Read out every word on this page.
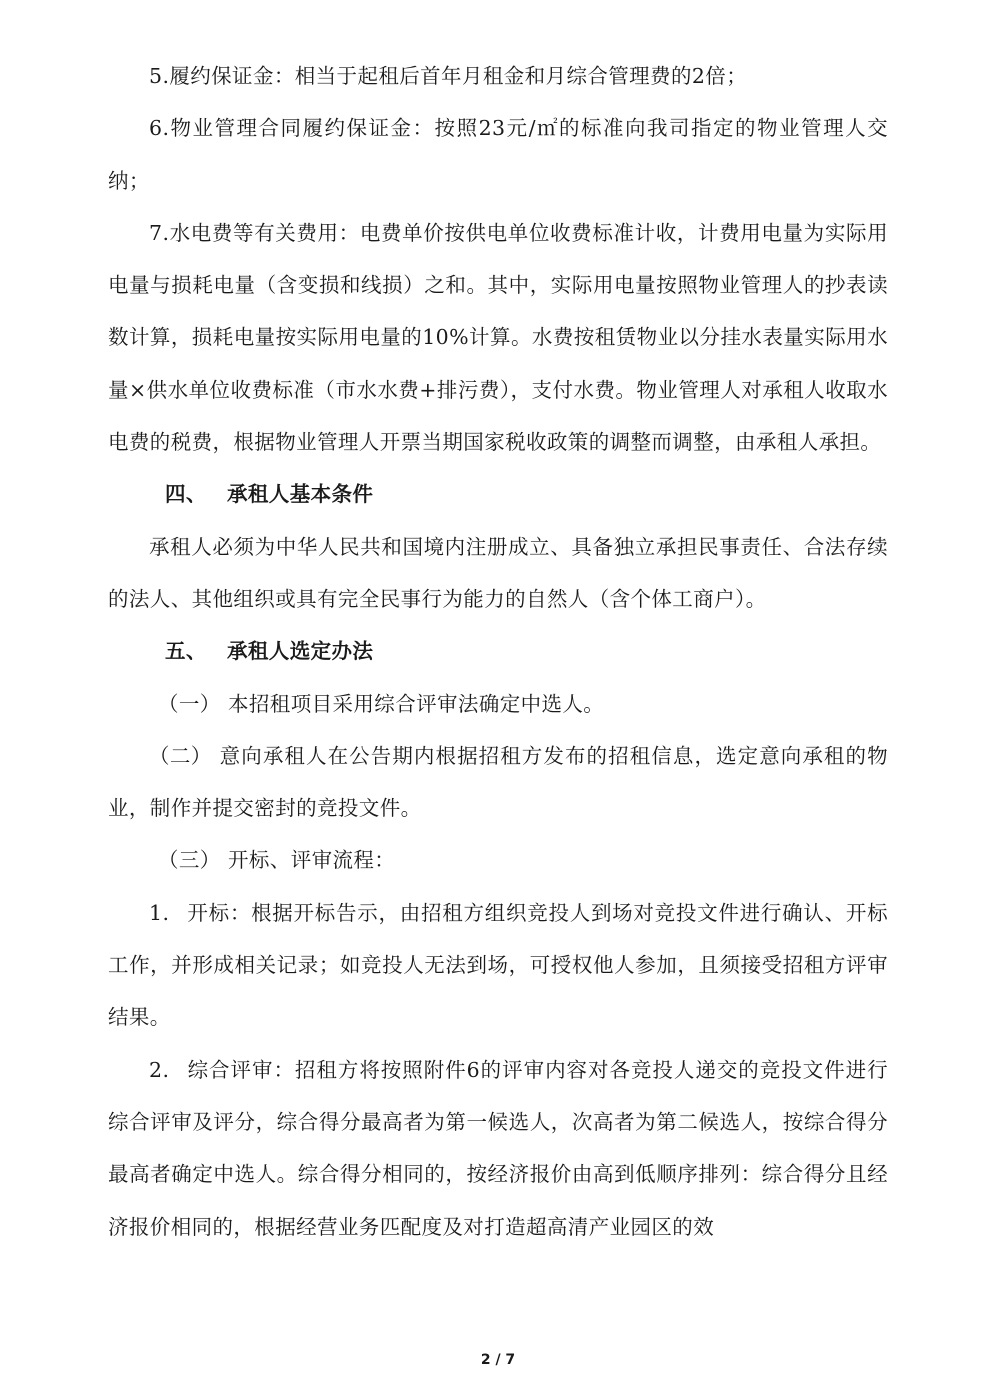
5.履约保证金：相当于起租后首年月租金和月综合管理费的2倍；

6.物业管理合同履约保证金：按照23元/㎡的标准向我司指定的物业管理人交纳；

7.水电费等有关费用：电费单价按供电单位收费标准计收，计费用电量为实际用电量与损耗电量（含变损和线损）之和。其中，实际用电量按照物业管理人的抄表读数计算，损耗电量按实际用电量的10%计算。水费按租赁物业以分挂水表量实际用水量×供水单位收费标准（市水水费+排污费），支付水费。物业管理人对承租人收取水电费的税费，根据物业管理人开票当期国家税收政策的调整而调整，由承租人承担。

四、 承租人基本条件

承租人必须为中华人民共和国境内注册成立、具备独立承担民事责任、合法存续的法人、其他组织或具有完全民事行为能力的自然人（含个体工商户）。

五、 承租人选定办法

（一） 本招租项目采用综合评审法确定中选人。

（二） 意向承租人在公告期内根据招租方发布的招租信息，选定意向承租的物业，制作并提交密封的竞投文件。

（三） 开标、评审流程：

1. 开标：根据开标告示，由招租方组织竞投人到场对竞投文件进行确认、开标工作，并形成相关记录；如竞投人无法到场，可授权他人参加，且须接受招租方评审结果。

2. 综合评审：招租方将按照附件6的评审内容对各竞投人递交的竞投文件进行综合评审及评分，综合得分最高者为第一候选人，次高者为第二候选人，按综合得分最高者确定中选人。综合得分相同的，按经济报价由高到低顺序排列：综合得分且经济报价相同的，根据经营业务匹配度及对打造超高清产业园区的效

2 / 7
